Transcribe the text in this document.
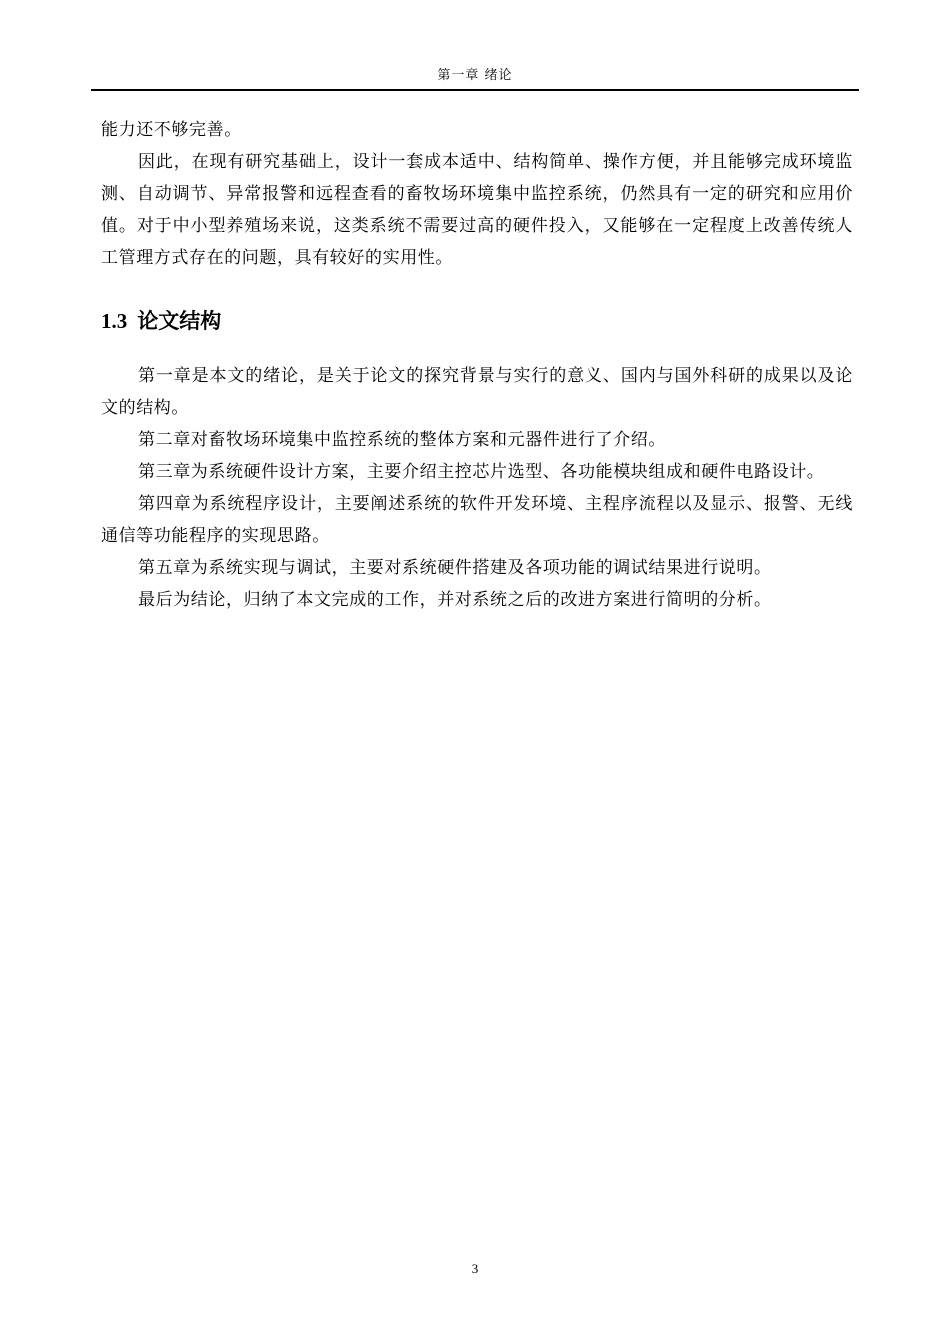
第一章 绪论

能力还不够完善。

因此，在现有研究基础上，设计一套成本适中、结构简单、操作方便，并且能够完成环境监测、自动调节、异常报警和远程查看的畜牧场环境集中监控系统，仍然具有一定的研究和应用价值。对于中小型养殖场来说，这类系统不需要过高的硬件投入，又能够在一定程度上改善传统人工管理方式存在的问题，具有较好的实用性。

1.3 论文结构

第一章是本文的绪论，是关于论文的探究背景与实行的意义、国内与国外科研的成果以及论文的结构。

第二章对畜牧场环境集中监控系统的整体方案和元器件进行了介绍。

第三章为系统硬件设计方案，主要介绍主控芯片选型、各功能模块组成和硬件电路设计。

第四章为系统程序设计，主要阐述系统的软件开发环境、主程序流程以及显示、报警、无线通信等功能程序的实现思路。

第五章为系统实现与调试，主要对系统硬件搭建及各项功能的调试结果进行说明。

最后为结论，归纳了本文完成的工作，并对系统之后的改进方案进行简明的分析。

3
